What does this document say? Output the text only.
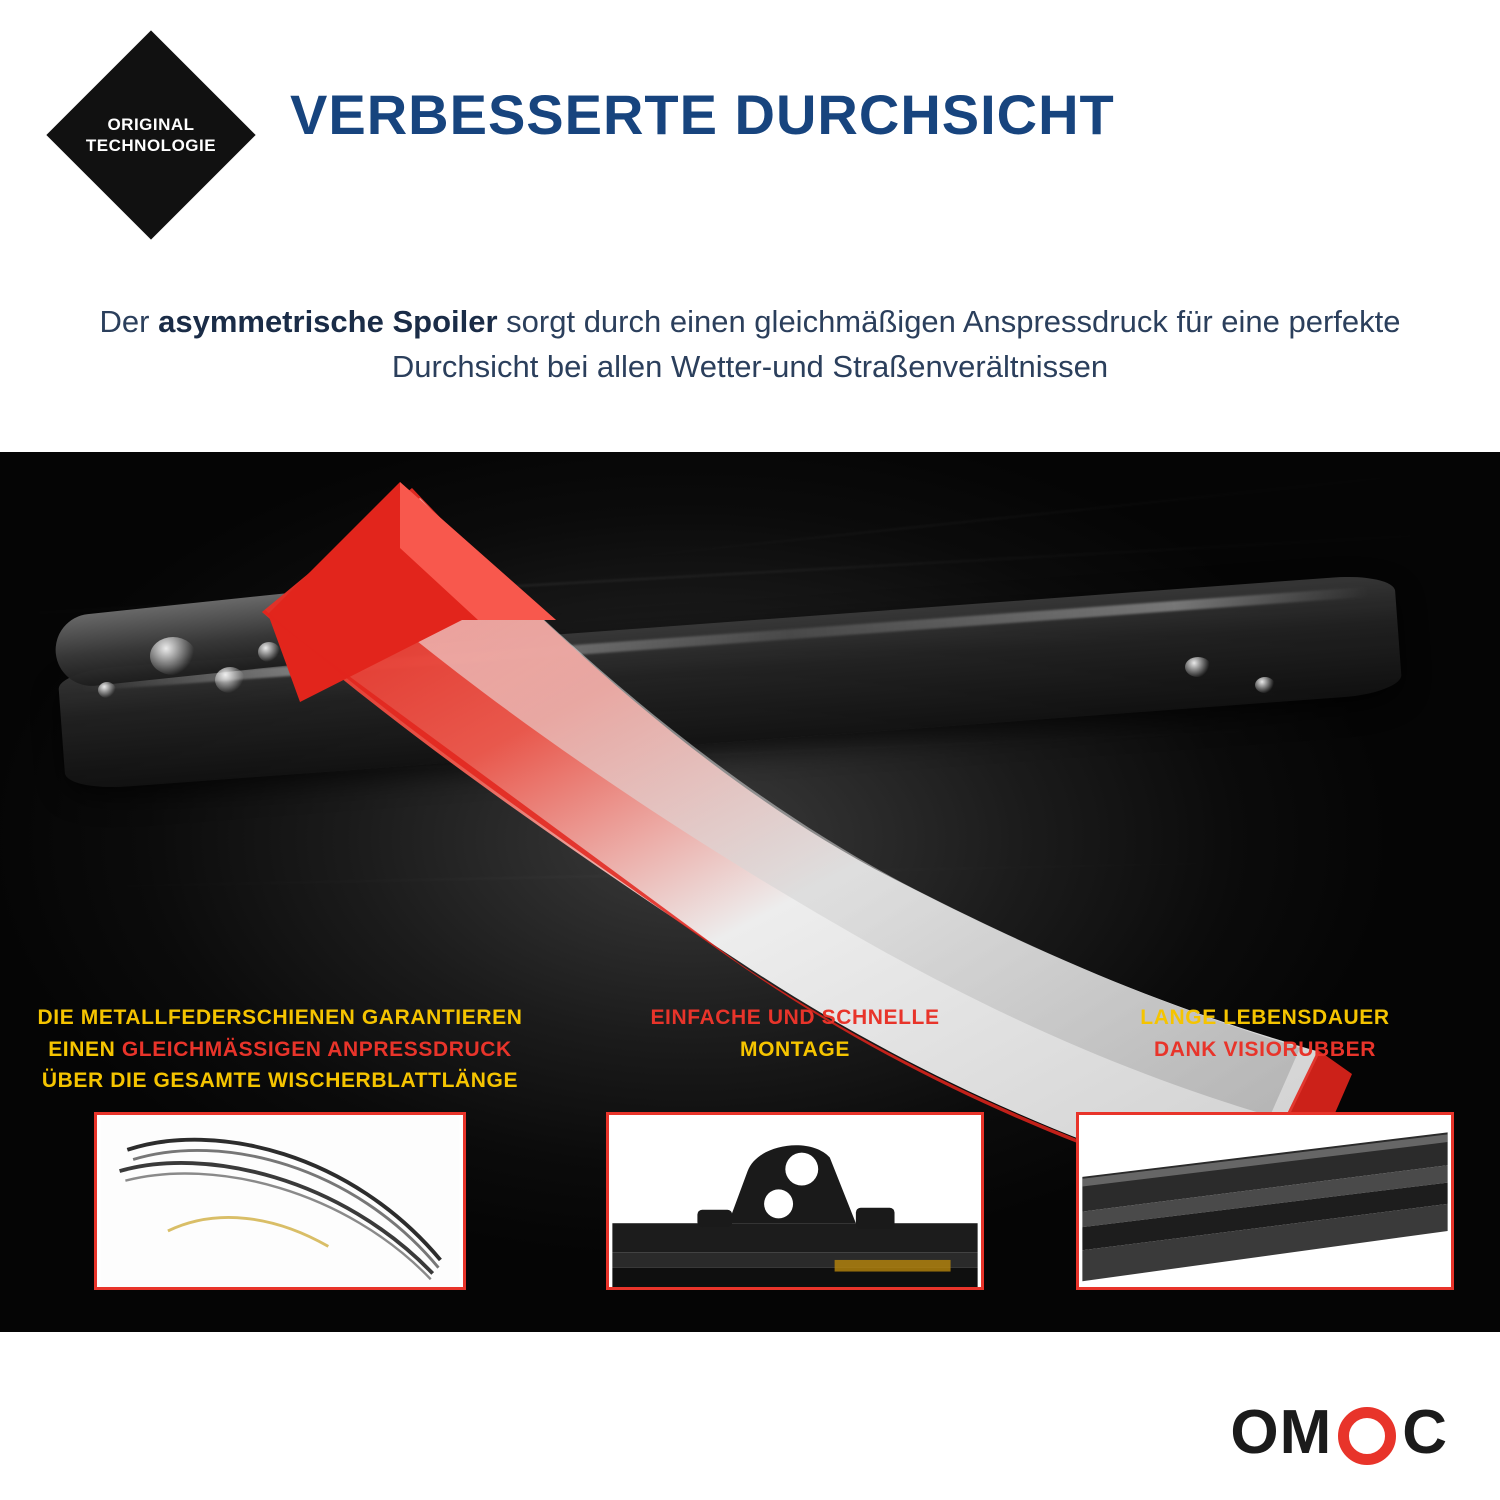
ORIGINAL
TECHNOLOGIE VERBESSERTE DURCHSICHT
Der asymmetrische Spoiler sorgt durch einen gleichmäßigen Anspressdruck für eine perfekte Durchsicht bei allen Wetter-und Straßenverältnissen
DIE METALLFEDERSCHIENEN GARANTIEREN
EINEN GLEICHMÄSSIGEN ANPRESSDRUCK
ÜBER DIE GESAMTE WISCHERBLATTLÄNGE
EINFACHE UND SCHNELLE
MONTAGE
LANGE LEBENSDAUER
DANK VISIORUBBER
OM C
